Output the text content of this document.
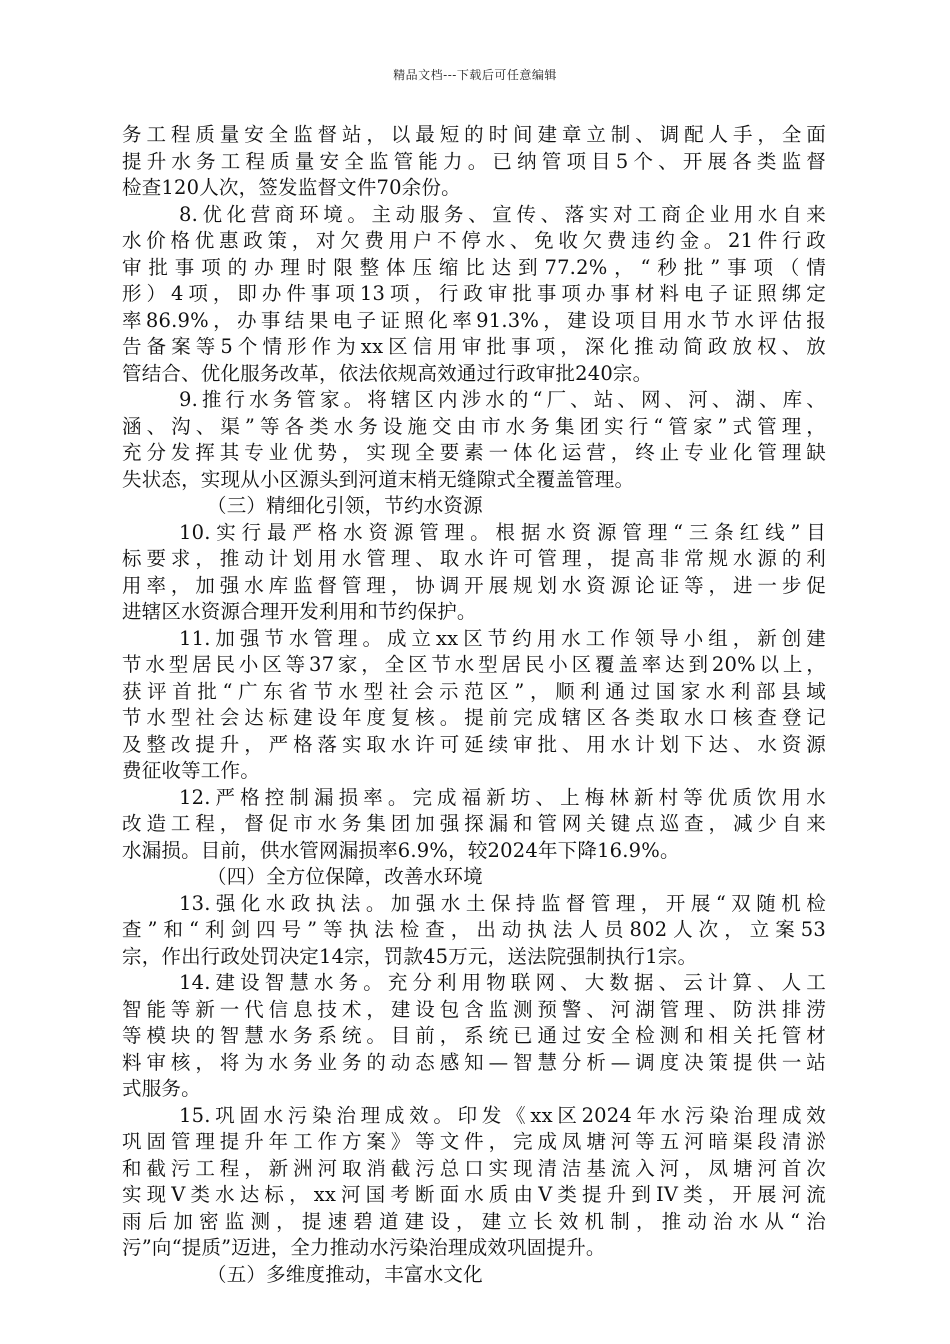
精品文档---下载后可任意编辑
务工程质量安全监督站，以最短的时间建章立制、调配人手，全面
提升水务工程质量安全监管能力。已纳管项目5个、开展各类监督
检查120人次，签发监督文件70余份。
8.优化营商环境。主动服务、宣传、落实对工商企业用水自来
水价格优惠政策，对欠费用户不停水、免收欠费违约金。21件行政
审批事项的办理时限整体压缩比达到77.2%，“秒批”事项（情
形）4项，即办件事项13项，行政审批事项办事材料电子证照绑定
率86.9%，办事结果电子证照化率91.3%，建设项目用水节水评估报
告备案等5个情形作为xx区信用审批事项，深化推动简政放权、放
管结合、优化服务改革，依法依规高效通过行政审批240宗。
9.推行水务管家。将辖区内涉水的“厂、站、网、河、湖、库、
涵、沟、渠”等各类水务设施交由市水务集团实行“管家”式管理，
充分发挥其专业优势，实现全要素一体化运营，终止专业化管理缺
失状态，实现从小区源头到河道末梢无缝隙式全覆盖管理。
（三）精细化引领，节约水资源
10.实行最严格水资源管理。根据水资源管理“三条红线”目
标要求，推动计划用水管理、取水许可管理，提高非常规水源的利
用率，加强水库监督管理，协调开展规划水资源论证等，进一步促
进辖区水资源合理开发利用和节约保护。
11.加强节水管理。成立xx区节约用水工作领导小组，新创建
节水型居民小区等37家，全区节水型居民小区覆盖率达到20%以上，
获评首批“广东省节水型社会示范区”，顺利通过国家水利部县域
节水型社会达标建设年度复核。提前完成辖区各类取水口核查登记
及整改提升，严格落实取水许可延续审批、用水计划下达、水资源
费征收等工作。
12.严格控制漏损率。完成福新坊、上梅林新村等优质饮用水
改造工程，督促市水务集团加强探漏和管网关键点巡查，减少自来
水漏损。目前，供水管网漏损率6.9%，较2024年下降16.9%。
（四）全方位保障，改善水环境
13.强化水政执法。加强水土保持监督管理，开展“双随机检
查”和“利剑四号”等执法检查，出动执法人员802人次，立案53
宗，作出行政处罚决定14宗，罚款45万元，送法院强制执行1宗。
14.建设智慧水务。充分利用物联网、大数据、云计算、人工
智能等新一代信息技术，建设包含监测预警、河湖管理、防洪排涝
等模块的智慧水务系统。目前，系统已通过安全检测和相关托管材
料审核，将为水务业务的动态感知—智慧分析—调度决策提供一站
式服务。
15.巩固水污染治理成效。印发《xx区2024年水污染治理成效
巩固管理提升年工作方案》等文件，完成凤塘河等五河暗渠段清淤
和截污工程，新洲河取消截污总口实现清洁基流入河，凤塘河首次
实现V类水达标，xx河国考断面水质由V类提升到IV类，开展河流
雨后加密监测，提速碧道建设，建立长效机制，推动治水从“治
污”向“提质”迈进，全力推动水污染治理成效巩固提升。
（五）多维度推动，丰富水文化
